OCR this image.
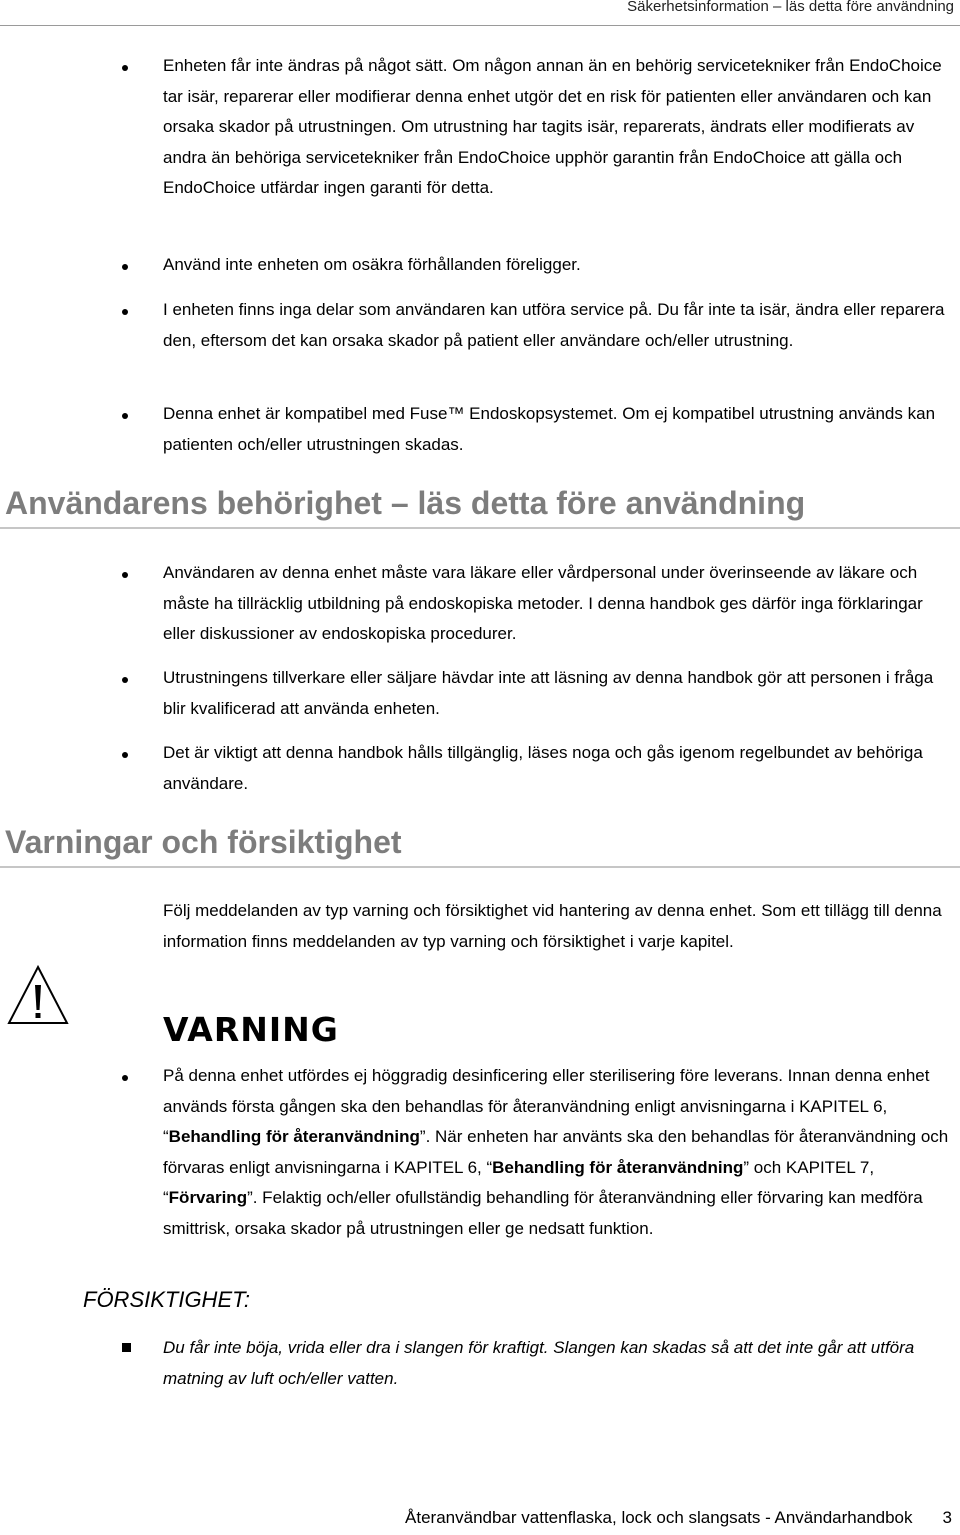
Säkerhetsinformation – läs detta före användning
Enheten får inte ändras på något sätt. Om någon annan än en behörig servicetekniker från EndoChoice tar isär, reparerar eller modifierar denna enhet utgör det en risk för patienten eller användaren och kan orsaka skador på utrustningen. Om utrustning har tagits isär, reparerats, ändrats eller modifierats av andra än behöriga servicetekniker från EndoChoice upphör garantin från EndoChoice att gälla och EndoChoice utfärdar ingen garanti för detta.
Använd inte enheten om osäkra förhållanden föreligger.
I enheten finns inga delar som användaren kan utföra service på. Du får inte ta isär, ändra eller reparera den, eftersom det kan orsaka skador på patient eller användare och/eller utrustning.
Denna enhet är kompatibel med Fuse™ Endoskopsystemet. Om ej kompatibel utrustning används kan patienten och/eller utrustningen skadas.
Användarens behörighet – läs detta före användning
Användaren av denna enhet måste vara läkare eller vårdpersonal under överinseende av läkare och måste ha tillräcklig utbildning på endoskopiska metoder. I denna handbok ges därför inga förklaringar eller diskussioner av endoskopiska procedurer.
Utrustningens tillverkare eller säljare hävdar inte att läsning av denna handbok gör att personen i fråga blir kvalificerad att använda enheten.
Det är viktigt att denna handbok hålls tillgänglig, läses noga och gås igenom regelbundet av behöriga användare.
Varningar och försiktighet
Följ meddelanden av typ varning och försiktighet vid hantering av denna enhet. Som ett tillägg till denna information finns meddelanden av typ varning och försiktighet i varje kapitel.
VARNING
På denna enhet utfördes ej höggradig desinficering eller sterilisering före leverans. Innan denna enhet används första gången ska den behandlas för återanvändning enligt anvisningarna i KAPITEL 6, “Behandling för återanvändning”. När enheten har använts ska den behandlas för återanvändning och förvaras enligt anvisningarna i KAPITEL 6, “Behandling för återanvändning” och KAPITEL 7, “Förvaring”. Felaktig och/eller ofullständig behandling för återanvändning eller förvaring kan medföra smittrisk, orsaka skador på utrustningen eller ge nedsatt funktion.
FÖRSIKTIGHET:
Du får inte böja, vrida eller dra i slangen för kraftigt. Slangen kan skadas så att det inte går att utföra matning av luft och/eller vatten.
Återanvändbar vattenflaska, lock och slangsats - Användarhandbok 3
